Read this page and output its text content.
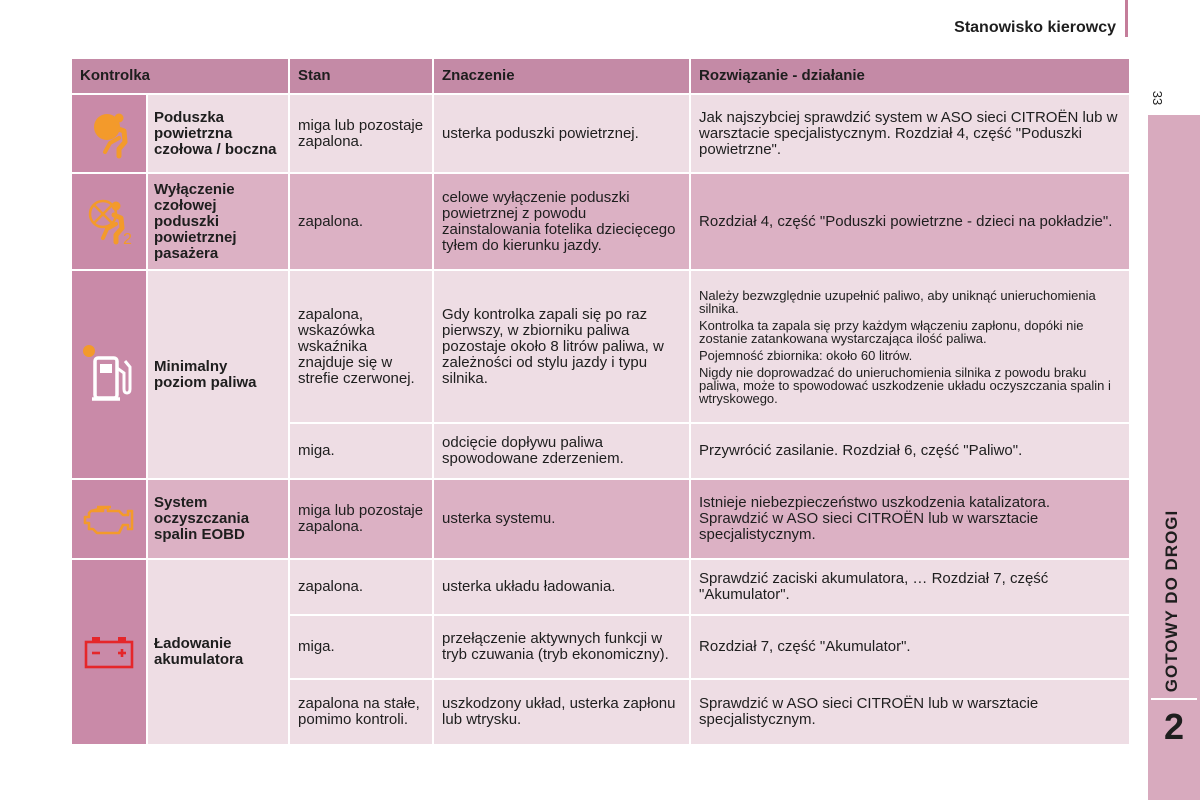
Stanowisko kierowcy
33
GOTOWY DO DROGI
2
Kontrolka		Stan	Znaczenie	Rozwiązanie - działanie

	Poduszka powietrzna czołowa / boczna	miga lub pozostaje zapalona.	usterka poduszki powietrznej.	Jak najszybciej sprawdzić system w ASO sieci CITROËN lub w warsztacie specjalistycznym. Rozdział 4, część "Poduszki powietrzne".

2	Wyłączenie czołowej poduszki powietrznej pasażera	zapalona.	celowe wyłączenie poduszki powietrznej z powodu zainstalowania fotelika dziecięcego tyłem do kierunku jazdy.	Rozdział 4, część "Poduszki powietrzne - dzieci na pokładzie".

	Minimalny poziom paliwa	zapalona, wskazówka wskaźnika znajduje się w strefie czerwonej.	Gdy kontrolka zapali się po raz pierwszy, w zbiorniku paliwa pozostaje około 8 litrów paliwa, w zależności od stylu jazdy i typu silnika.	Należy bezwzględnie uzupełnić paliwo, aby uniknąć unieruchomienia silnika.

Kontrolka ta zapala się przy każdym włączeniu zapłonu, dopóki nie zostanie zatankowana wystarczająca ilość paliwa.

Pojemność zbiornika: około 60 litrów.

Nigdy nie doprowadzać do unieruchomienia silnika z powodu braku paliwa, może to spowodować uszkodzenie układu oczyszczania spalin i wtryskowego.

		miga.	odcięcie dopływu paliwa spowodowane zderzeniem.	Przywrócić zasilanie. Rozdział 6, część "Paliwo".

	System oczyszczania spalin EOBD	miga lub pozostaje zapalona.	usterka systemu.	Istnieje niebezpieczeństwo uszkodzenia katalizatora. Sprawdzić w ASO sieci CITROËN lub w warsztacie specjalistycznym.

	Ładowanie akumulatora	zapalona.	usterka układu ładowania.	Sprawdzić zaciski akumulatora, … Rozdział 7, część "Akumulator".
		miga.	przełączenie aktywnych funkcji w tryb czuwania (tryb ekonomiczny).	Rozdział 7, część "Akumulator".
		zapalona na stałe, pomimo kontroli.	uszkodzony układ, usterka zapłonu lub wtrysku.	Sprawdzić w ASO sieci CITROËN lub w warsztacie specjalistycznym.
